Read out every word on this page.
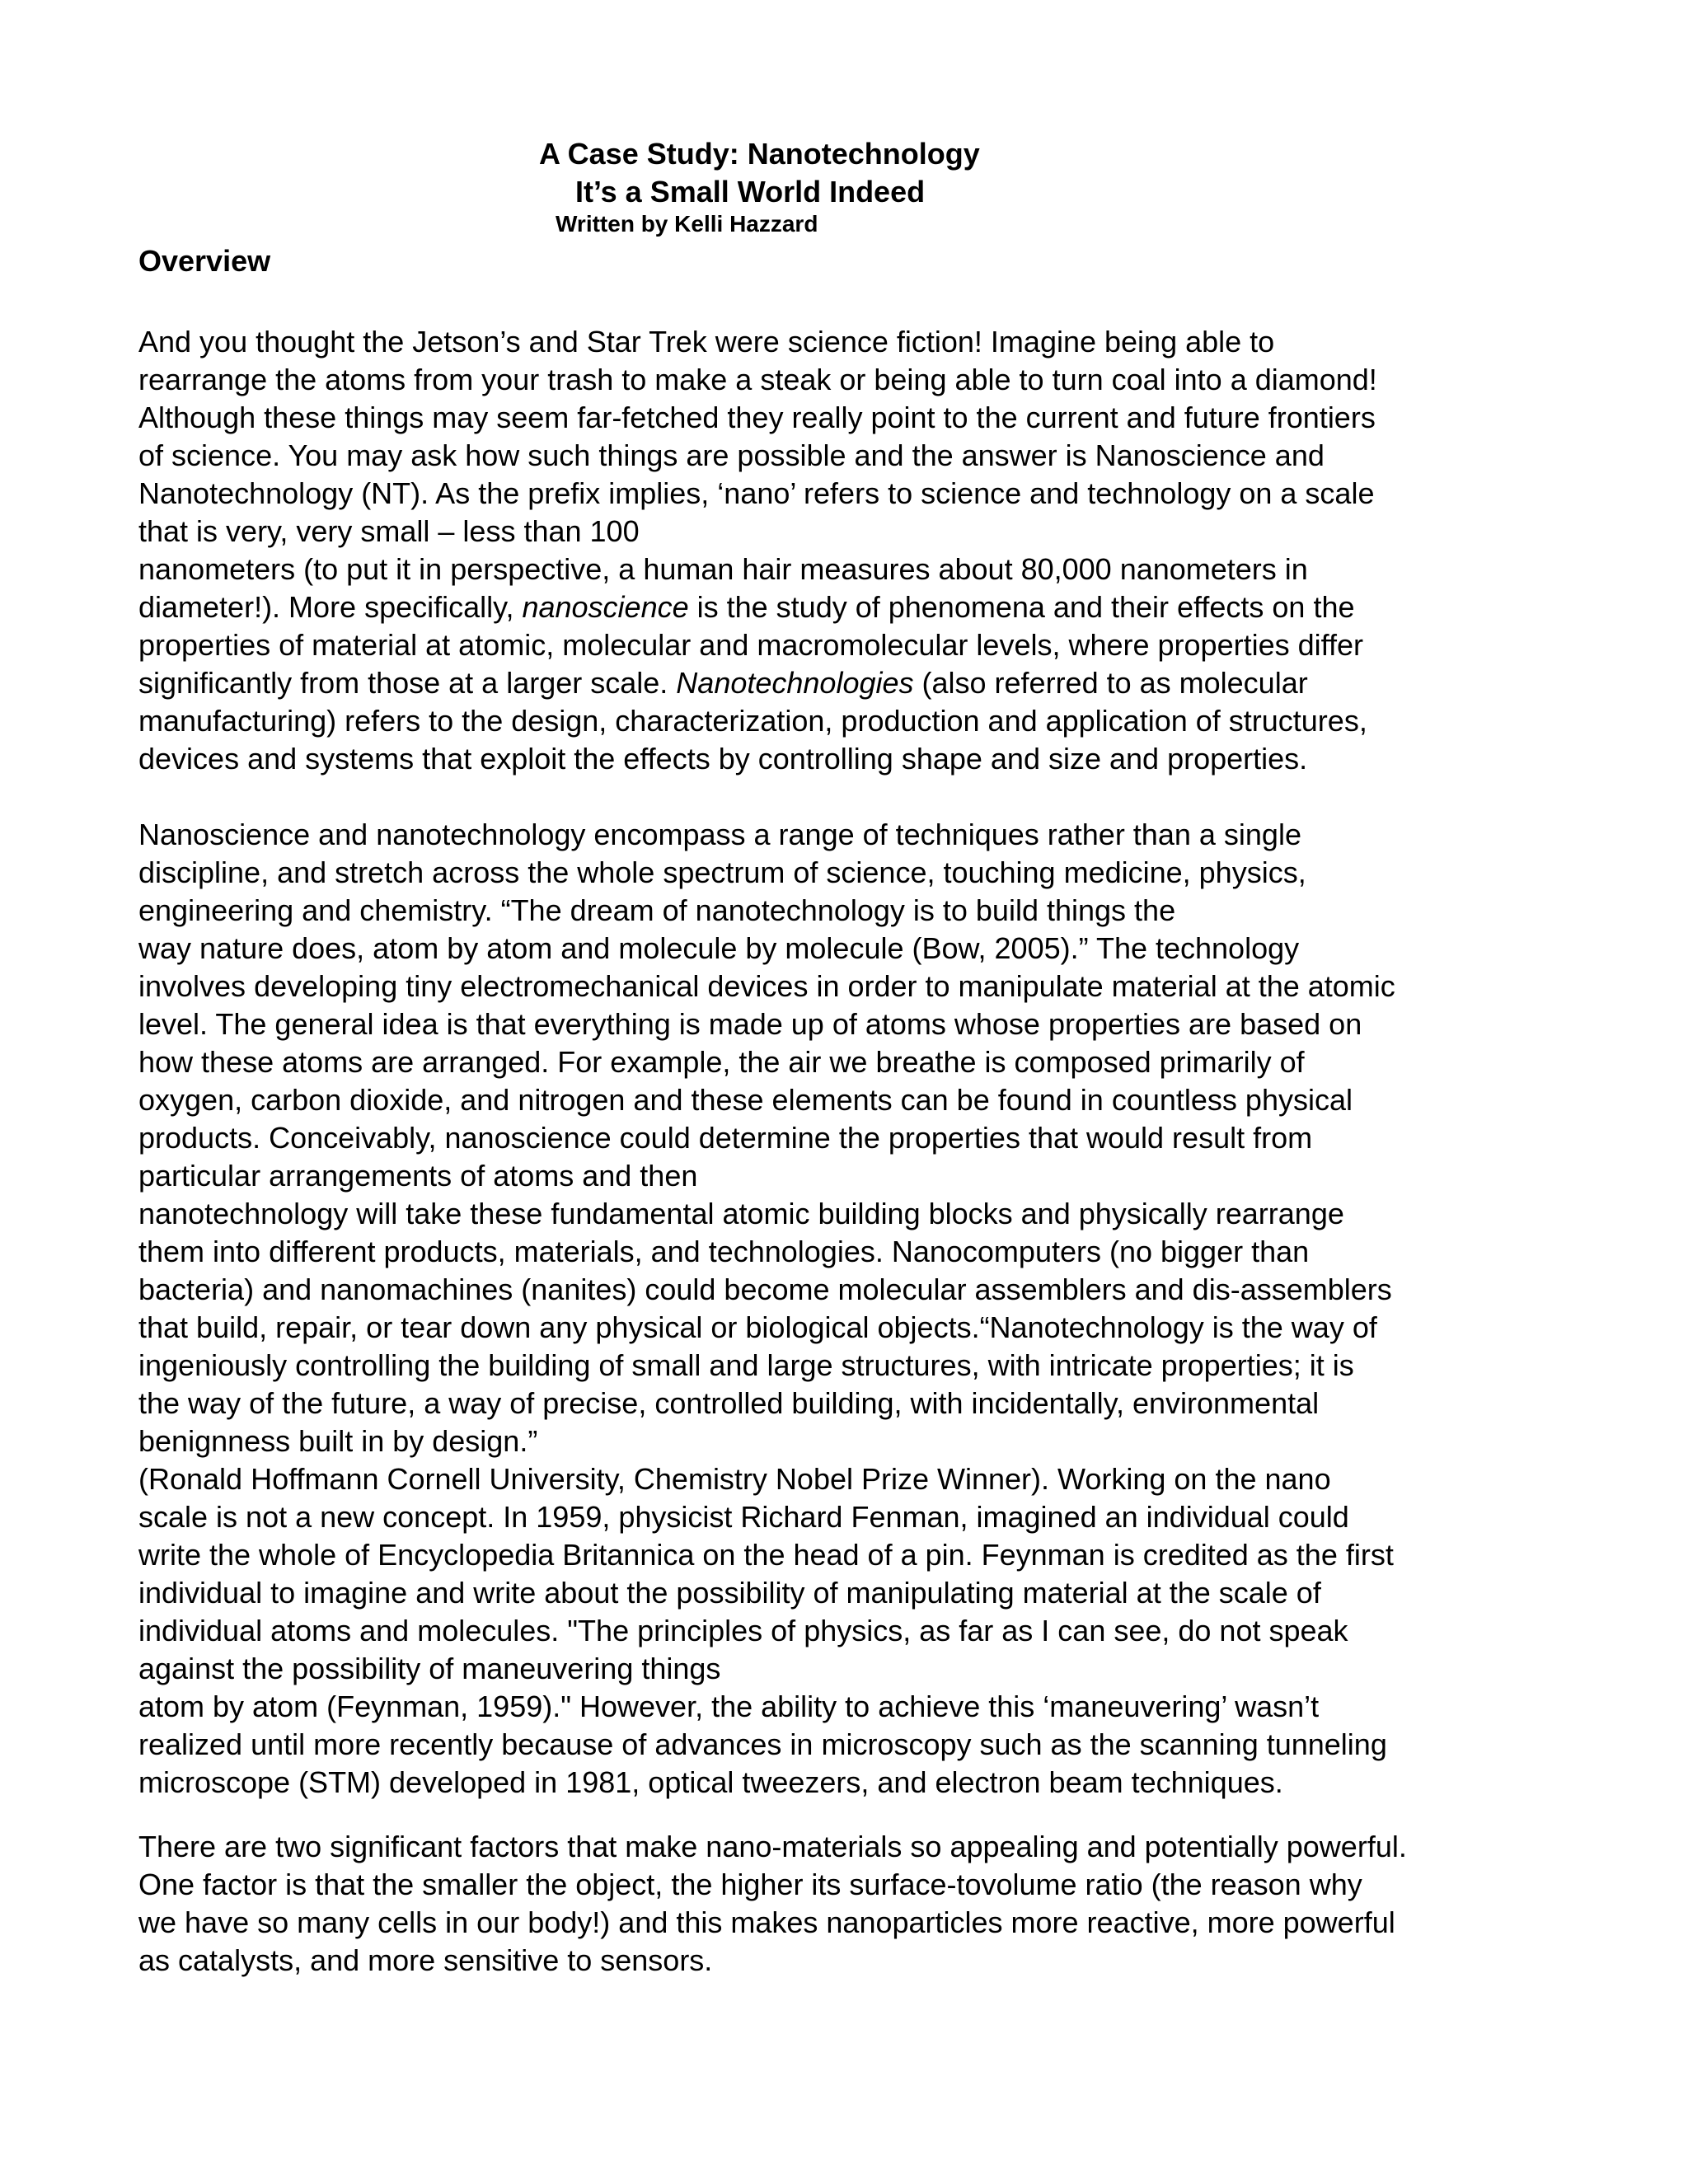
A Case Study: Nanotechnology
It’s a Small World Indeed
Written by Kelli Hazzard
Overview
And you thought the Jetson’s and Star Trek were science fiction! Imagine being able to
rearrange the atoms from your trash to make a steak or being able to turn coal into a diamond!
Although these things may seem far-fetched they really point to the current and future frontiers
of science. You may ask how such things are possible and the answer is Nanoscience and
Nanotechnology (NT). As the prefix implies, ‘nano’ refers to science and technology on a scale
that is very, very small – less than 100
nanometers (to put it in perspective, a human hair measures about 80,000 nanometers in
diameter!). More specifically, nanoscience is the study of phenomena and their effects on the
properties of material at atomic, molecular and macromolecular levels, where properties differ
significantly from those at a larger scale. Nanotechnologies (also referred to as molecular
manufacturing) refers to the design, characterization, production and application of structures,
devices and systems that exploit the effects by controlling shape and size and properties.
Nanoscience and nanotechnology encompass a range of techniques rather than a single
discipline, and stretch across the whole spectrum of science, touching medicine, physics,
engineering and chemistry. “The dream of nanotechnology is to build things the
way nature does, atom by atom and molecule by molecule (Bow, 2005).” The technology
involves developing tiny electromechanical devices in order to manipulate material at the atomic
level. The general idea is that everything is made up of atoms whose properties are based on
how these atoms are arranged. For example, the air we breathe is composed primarily of
oxygen, carbon dioxide, and nitrogen and these elements can be found in countless physical
products. Conceivably, nanoscience could determine the properties that would result from
particular arrangements of atoms and then
nanotechnology will take these fundamental atomic building blocks and physically rearrange
them into different products, materials, and technologies. Nanocomputers (no bigger than
bacteria) and nanomachines (nanites) could become molecular assemblers and dis-assemblers
that build, repair, or tear down any physical or biological objects.“Nanotechnology is the way of
ingeniously controlling the building of small and large structures, with intricate properties; it is
the way of the future, a way of precise, controlled building, with incidentally, environmental
benignness built in by design.”
(Ronald Hoffmann Cornell University, Chemistry Nobel Prize Winner). Working on the nano
scale is not a new concept. In 1959, physicist Richard Fenman, imagined an individual could
write the whole of Encyclopedia Britannica on the head of a pin. Feynman is credited as the first
individual to imagine and write about the possibility of manipulating material at the scale of
individual atoms and molecules. "The principles of physics, as far as I can see, do not speak
against the possibility of maneuvering things
atom by atom (Feynman, 1959)." However, the ability to achieve this ‘maneuvering’ wasn’t
realized until more recently because of advances in microscopy such as the scanning tunneling
microscope (STM) developed in 1981, optical tweezers, and electron beam techniques.
There are two significant factors that make nano-materials so appealing and potentially powerful.
One factor is that the smaller the object, the higher its surface-tovolume ratio (the reason why
we have so many cells in our body!) and this makes nanoparticles more reactive, more powerful
as catalysts, and more sensitive to sensors.
